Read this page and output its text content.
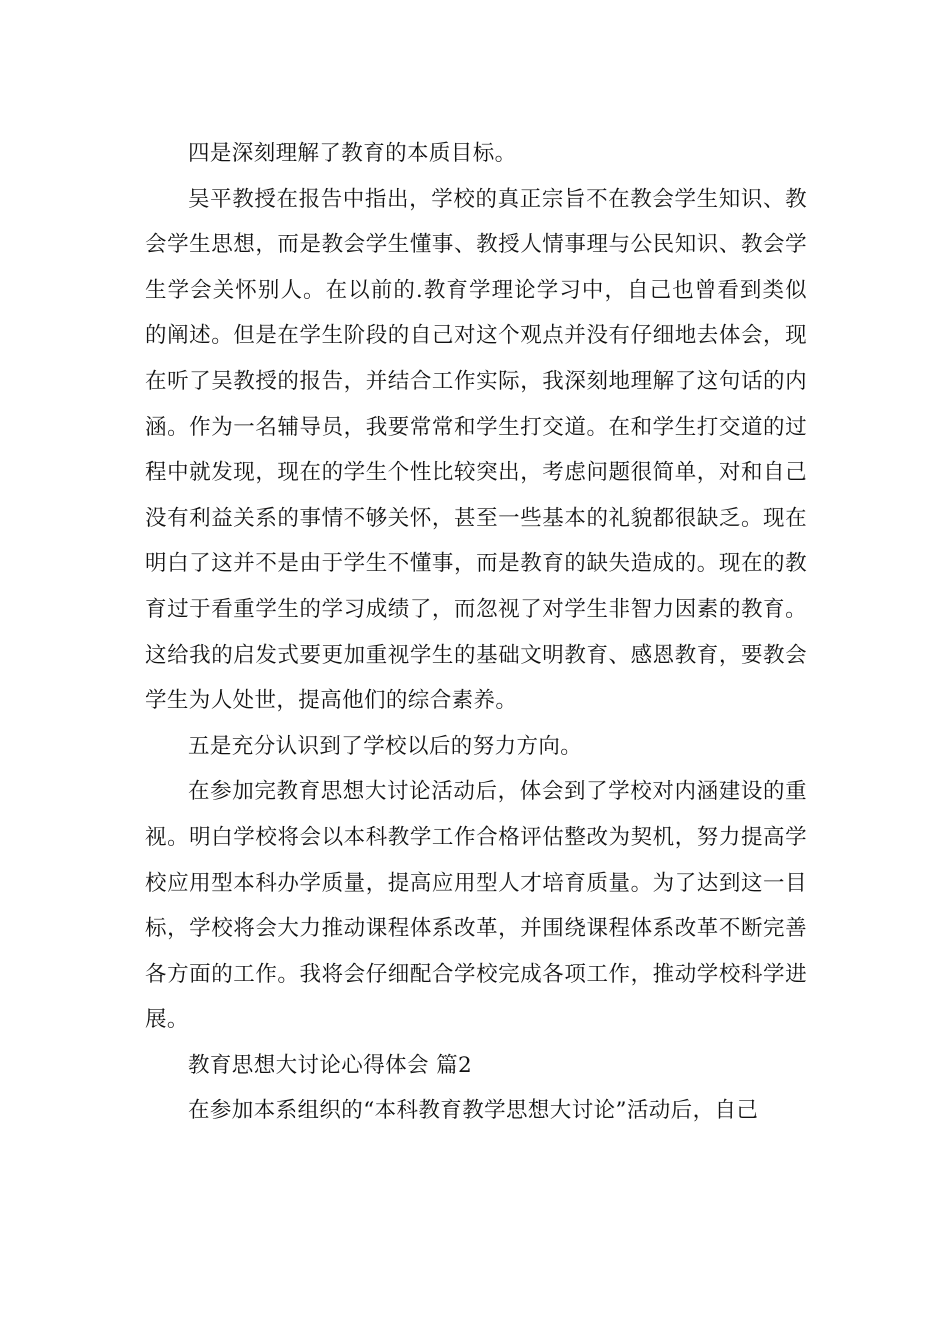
四是深刻理解了教育的本质目标。

吴平教授在报告中指出，学校的真正宗旨不在教会学生知识、教会学生思想，而是教会学生懂事、教授人情事理与公民知识、教会学生学会关怀别人。在以前的.教育学理论学习中，自己也曾看到类似的阐述。但是在学生阶段的自己对这个观点并没有仔细地去体会，现在听了吴教授的报告，并结合工作实际，我深刻地理解了这句话的内涵。作为一名辅导员，我要常常和学生打交道。在和学生打交道的过程中就发现，现在的学生个性比较突出，考虑问题很简单，对和自己没有利益关系的事情不够关怀，甚至一些基本的礼貌都很缺乏。现在明白了这并不是由于学生不懂事，而是教育的缺失造成的。现在的教育过于看重学生的学习成绩了，而忽视了对学生非智力因素的教育。这给我的启发式要更加重视学生的基础文明教育、感恩教育，要教会学生为人处世，提高他们的综合素养。

五是充分认识到了学校以后的努力方向。

在参加完教育思想大讨论活动后，体会到了学校对内涵建设的重视。明白学校将会以本科教学工作合格评估整改为契机，努力提高学校应用型本科办学质量，提高应用型人才培育质量。为了达到这一目标，学校将会大力推动课程体系改革，并围绕课程体系改革不断完善各方面的工作。我将会仔细配合学校完成各项工作，推动学校科学进展。

教育思想大讨论心得体会 篇2

在参加本系组织的“本科教育教学思想大讨论”活动后，自己
